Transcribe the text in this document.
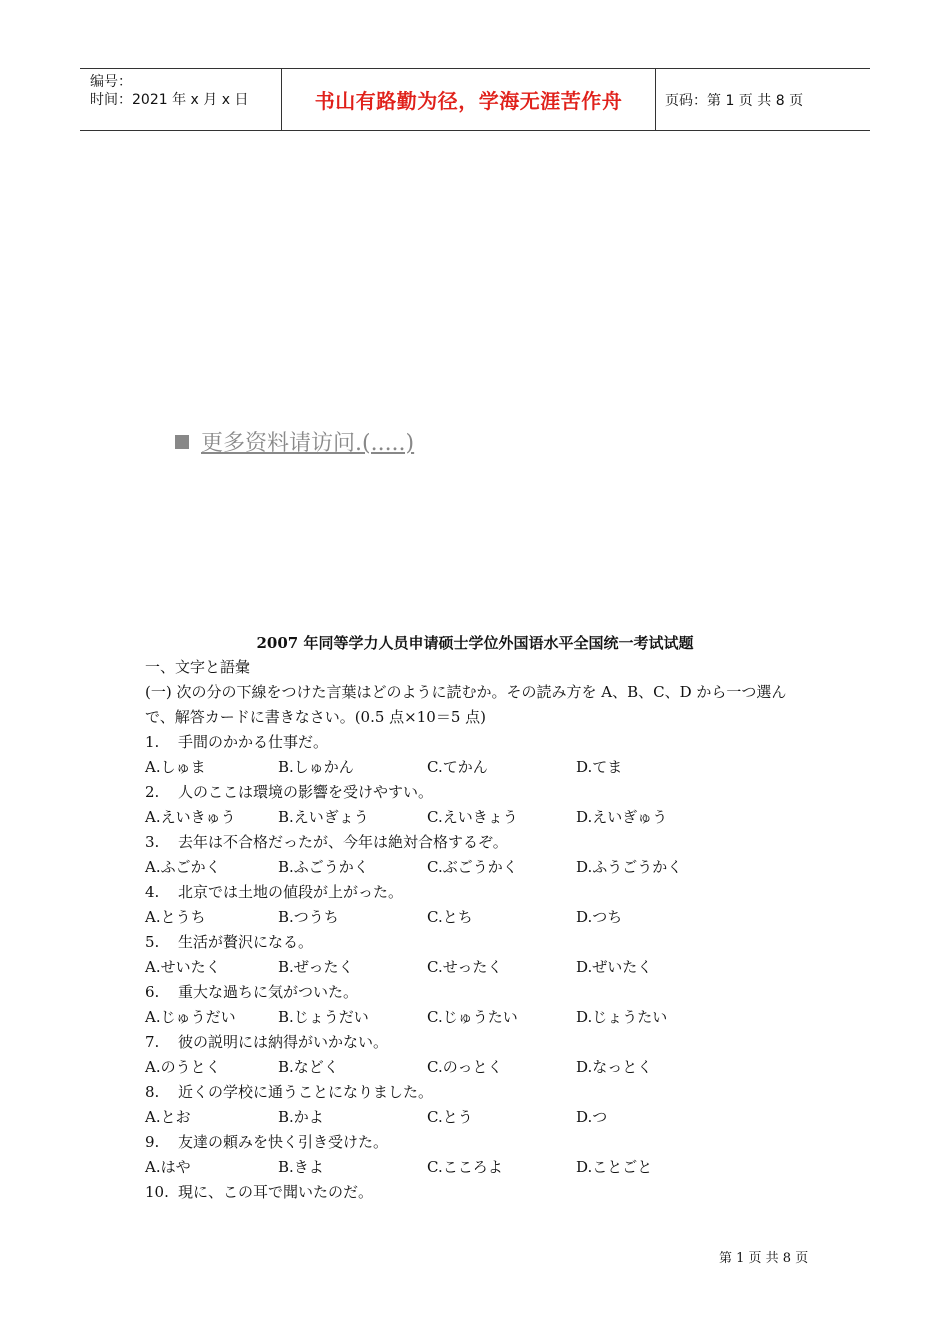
编号：
时间：2021 年 x 月 x 日	书山有路勤为径，学海无涯苦作舟	页码：第 1 页 共 8 页
更多资料请访问.(.....)
2007 年同等学力人员申请硕士学位外国语水平全国统一考试试题
一、文字と語彙
(一) 次の分の下線をつけた言葉はどのように読むか。その読み方を A、B、C、D から一つ選んで、解答カードに書きなさい。(0.5 点×10＝5 点)
1. 手間のかかる仕事だ。
A.しゅま	B.しゅかん	C.てかん	D.てま
2. 人のここは環境の影響を受けやすい。
A.えいきゅう	B.えいぎょう	C.えいきょう	D.えいぎゅう
3. 去年は不合格だったが、今年は絶対合格するぞ。
A.ふごかく	B.ふごうかく	C.ぶごうかく	D.ふうごうかく
4. 北京では土地の値段が上がった。
A.とうち	B.つうち	C.とち	D.つち
5. 生活が贅沢になる。
A.せいたく	B.ぜったく	C.せったく	D.ぜいたく
6. 重大な過ちに気がついた。
A.じゅうだい	B.じょうだい	C.じゅうたい	D.じょうたい
7. 彼の説明には納得がいかない。
A.のうとく	B.などく	C.のっとく	D.なっとく
8. 近くの学校に通うことになりました。
A.とお	B.かよ	C.とう	D.つ
9. 友達の頼みを快く引き受けた。
A.はや	B.きよ	C.こころよ	D.ことごと
10. 現に、この耳で聞いたのだ。
第 1 页 共 8 页
